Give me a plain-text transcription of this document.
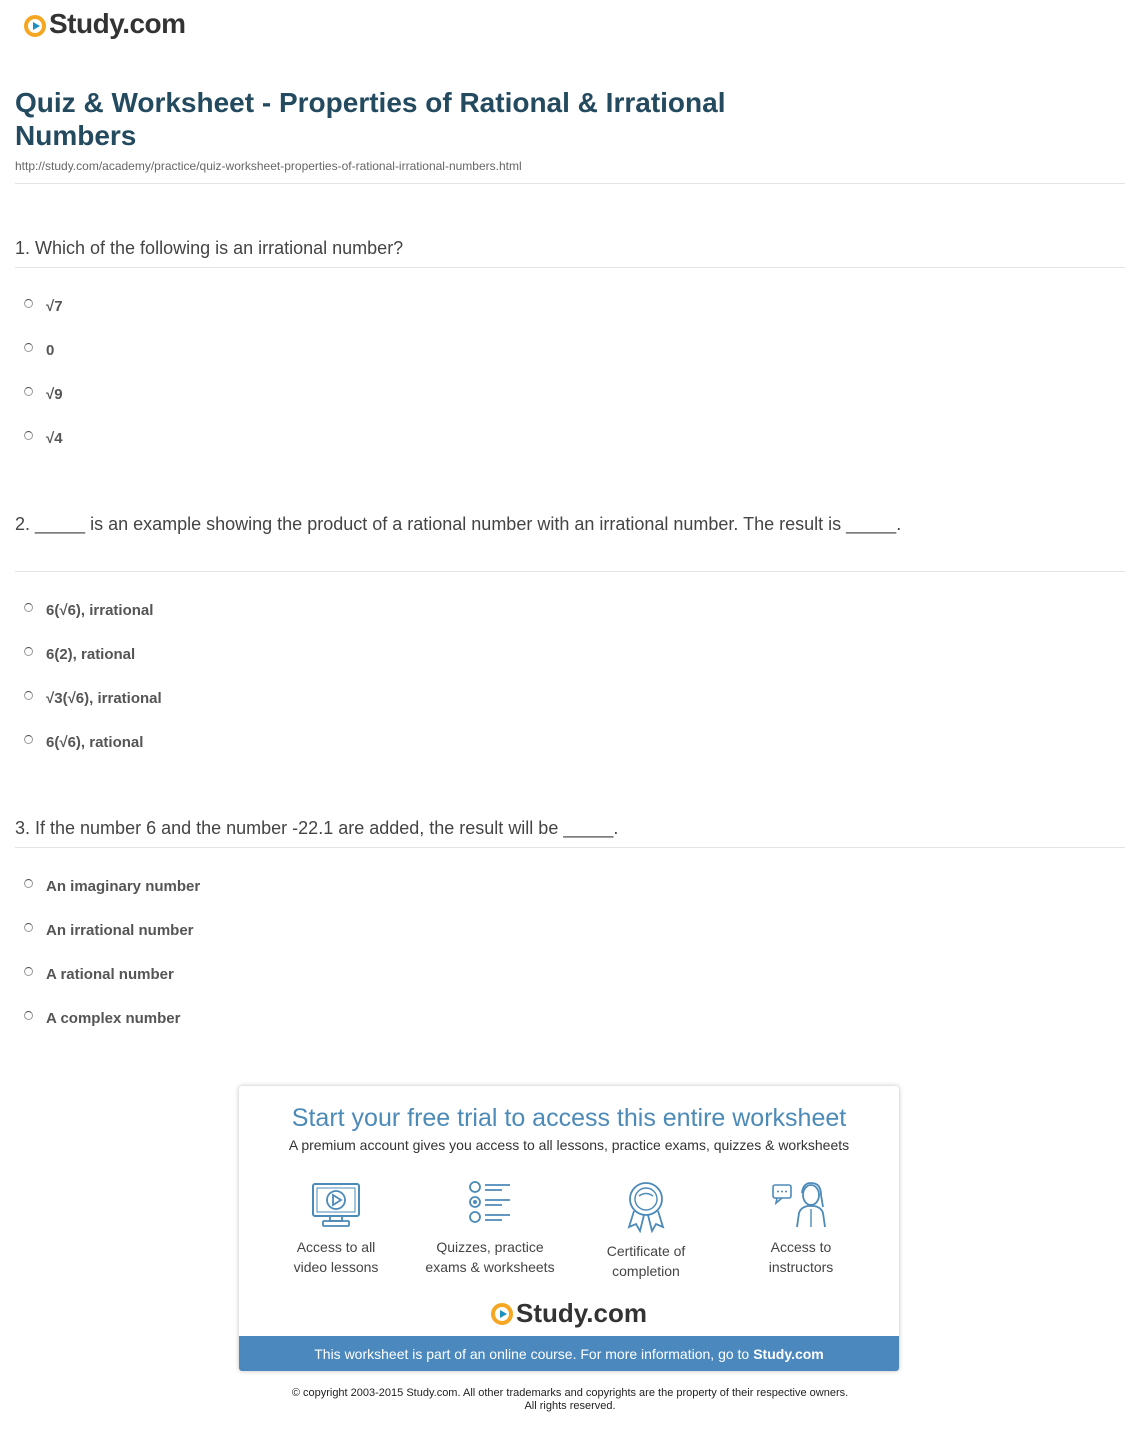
Study.com
Quiz & Worksheet - Properties of Rational & Irrational Numbers
http://study.com/academy/practice/quiz-worksheet-properties-of-rational-irrational-numbers.html
1. Which of the following is an irrational number?
√7
0
√9
√4
2. _____ is an example showing the product of a rational number with an irrational number. The result is _____.
6(√6), irrational
6(2), rational
√3(√6), irrational
6(√6), rational
3. If the number 6 and the number -22.1 are added, the result will be _____.
An imaginary number
An irrational number
A rational number
A complex number
Start your free trial to access this entire worksheet
A premium account gives you access to all lessons, practice exams, quizzes & worksheets
Access to all
video lessons
Quizzes, practice
exams & worksheets
Certificate of
completion
Access to
instructors
Study.com
This worksheet is part of an online course. For more information, go to Study.com
© copyright 2003-2015 Study.com. All other trademarks and copyrights are the property of their respective owners.
All rights reserved.
